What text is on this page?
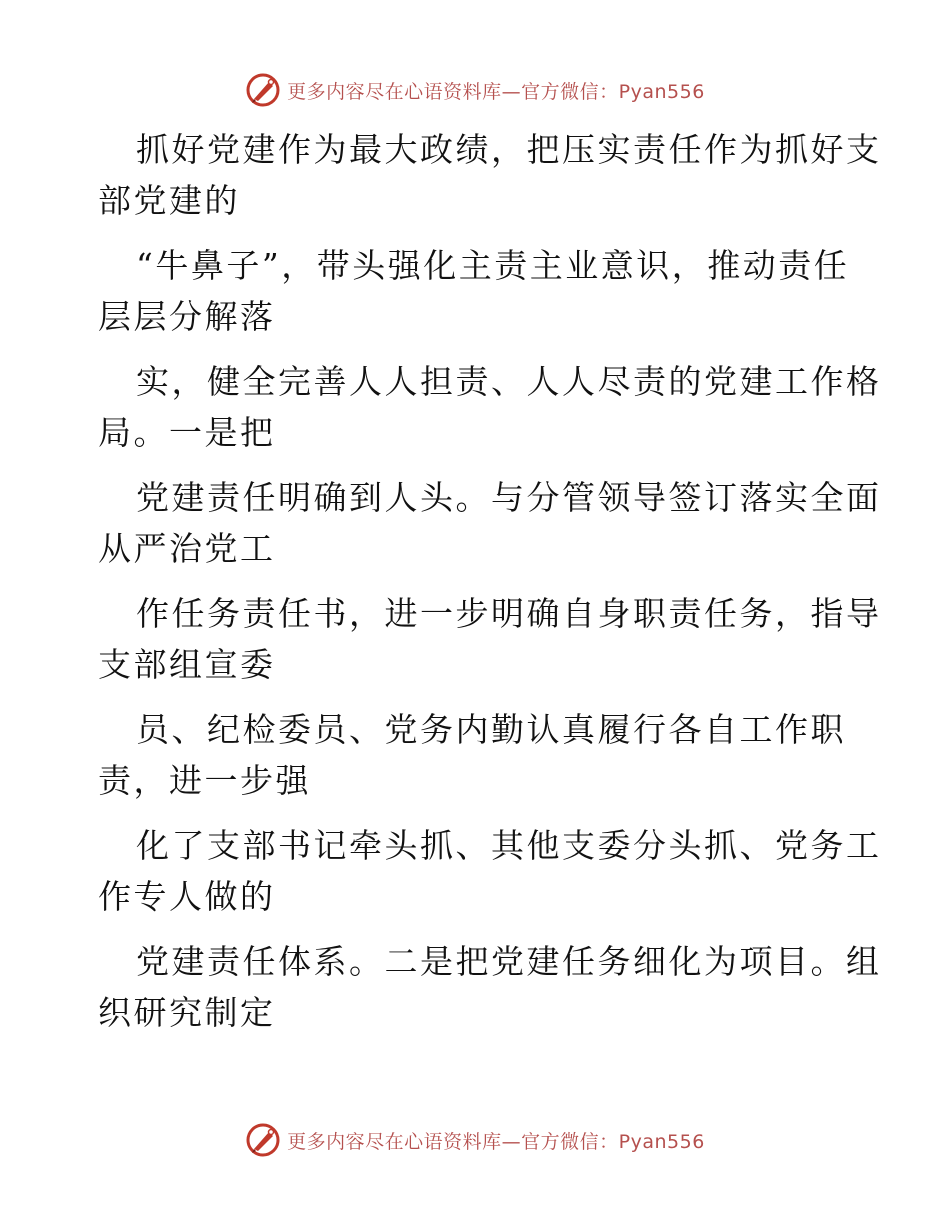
更多内容尽在心语资料库—官方微信：Pyan556
抓好党建作为最大政绩，把压实责任作为抓好支
部党建的
“牛鼻子”，带头强化主责主业意识，推动责任
层层分解落
实，健全完善人人担责、人人尽责的党建工作格
局。一是把
党建责任明确到人头。与分管领导签订落实全面
从严治党工
作任务责任书，进一步明确自身职责任务，指导
支部组宣委
员、纪检委员、党务内勤认真履行各自工作职
责，进一步强
化了支部书记牵头抓、其他支委分头抓、党务工
作专人做的
党建责任体系。二是把党建任务细化为项目。组
织研究制定
更多内容尽在心语资料库—官方微信：Pyan556
